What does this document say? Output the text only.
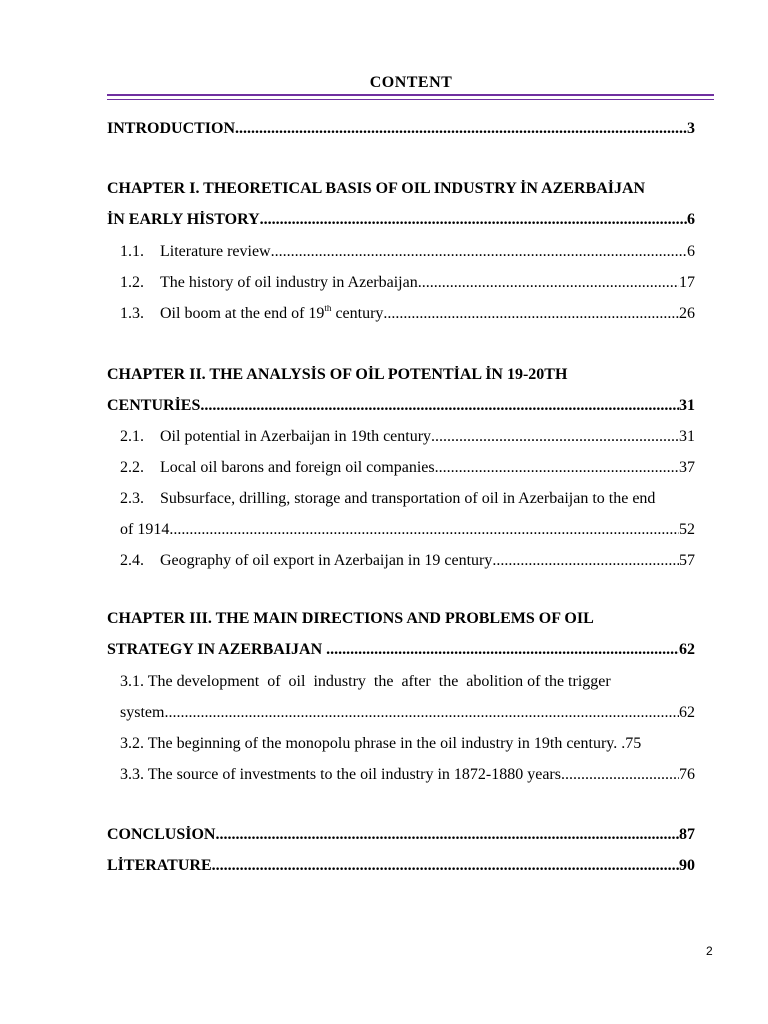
CONTENT
INTRODUCTION .....	3
CHAPTER I. THEORETICAL BASIS OF OIL INDUSTRY İN AZERBAİJAN
İN EARLY HİSTORY .....	6
1.1.	Literature review .....	6
1.2.	The history of oil industry in Azerbaijan .....	17
1.3.	Oil boom at the end of 19th century .....	26
CHAPTER II. THE ANALYSİS OF OİL POTENTİAL İN 19-20TH
CENTURİES .....	31
2.1.	Oil potential in Azerbaijan in 19th century .....	31
2.2.	Local oil barons and foreign oil companies .....	37
2.3.	Subsurface, drilling, storage and transportation of oil in Azerbaijan to the end
of 1914 .....	52
2.4.	Geography of oil export in Azerbaijan in 19 century .....	57
CHAPTER III. THE MAIN DIRECTIONS AND PROBLEMS OF OIL
STRATEGY IN AZERBAIJAN .....	62
3.1. The development  of  oil  industry  the  after  the  abolition of the trigger
system .....	62
3.2. The beginning of the monopolu phrase in the oil industry in 19th century. .75
3.3. The source of investments to the oil industry in 1872-1880 years .....	76
CONCLUSİON .....	87
LİTERATURE .....	90
2
